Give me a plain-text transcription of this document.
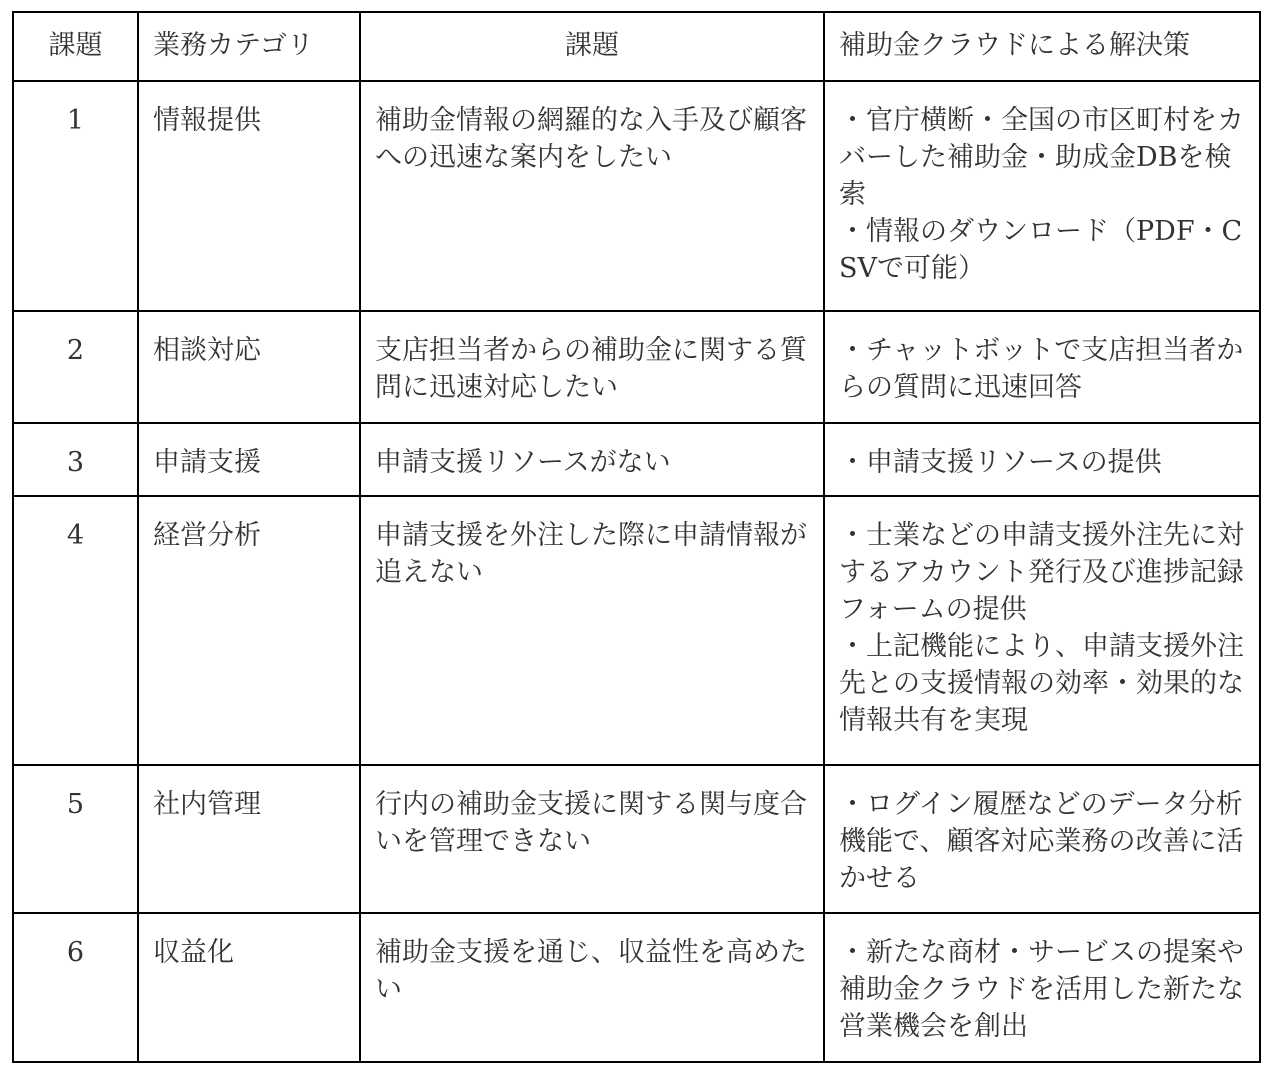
課題	業務カテゴリ	課題	補助金クラウドによる解決策
1	情報提供	補助金情報の網羅的な入手及び顧客への迅速な案内をしたい	・官庁横断・全国の市区町村をカバーした補助金・助成金DBを検索
・情報のダウンロード（PDF・CSVで可能）
2	相談対応	支店担当者からの補助金に関する質問に迅速対応したい	・チャットボットで支店担当者からの質問に迅速回答
3	申請支援	申請支援リソースがない	・申請支援リソースの提供
4	経営分析	申請支援を外注した際に申請情報が追えない	・士業などの申請支援外注先に対するアカウント発行及び進捗記録フォームの提供
・上記機能により、申請支援外注先との支援情報の効率・効果的な情報共有を実現
5	社内管理	行内の補助金支援に関する関与度合いを管理できない	・ログイン履歴などのデータ分析機能で、顧客対応業務の改善に活かせる
6	収益化	補助金支援を通じ、収益性を高めたい	・新たな商材・サービスの提案や補助金クラウドを活用した新たな営業機会を創出
